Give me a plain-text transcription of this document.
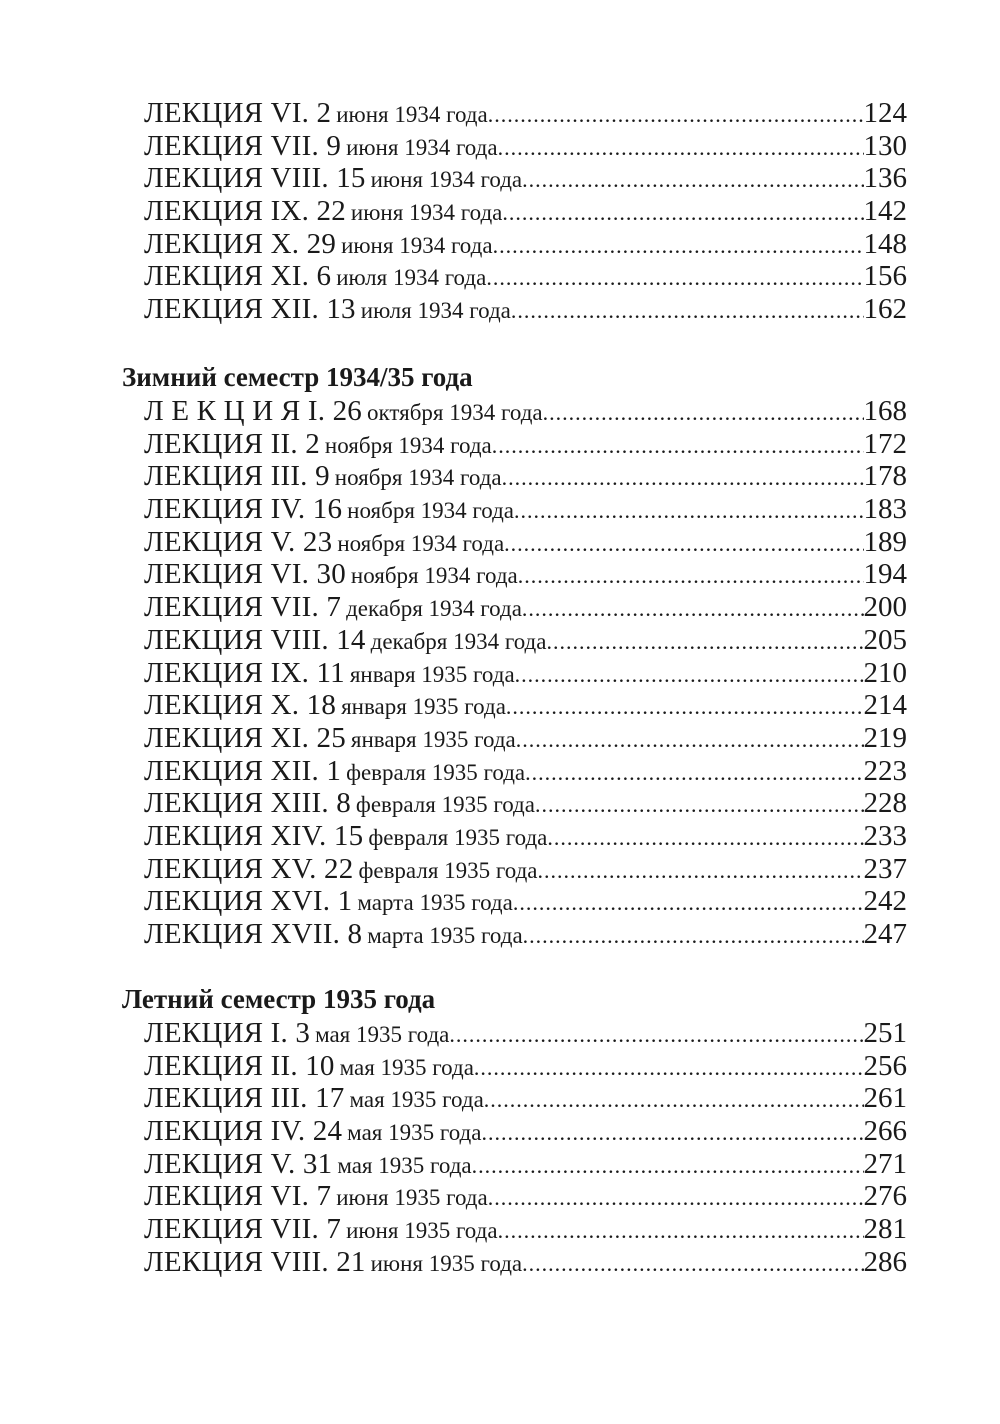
ЛЕКЦИЯ VI. 2 июня 1934 года .....	124
ЛЕКЦИЯ VII. 9 июня 1934 года .....	130
ЛЕКЦИЯ VIII. 15 июня 1934 года .....	136
ЛЕКЦИЯ IX. 22 июня 1934 года .....	142
ЛЕКЦИЯ X. 29 июня 1934 года .....	148
ЛЕКЦИЯ XI. 6 июля 1934 года .....	156
ЛЕКЦИЯ XII. 13 июля 1934 года .....	162
Зимний семестр 1934/35 года
Л Е К Ц И Я I. 26 октября 1934 года .....	168
ЛЕКЦИЯ II. 2 ноября 1934 года .....	172
ЛЕКЦИЯ III. 9 ноября 1934 года .....	178
ЛЕКЦИЯ IV. 16 ноября 1934 года .....	183
ЛЕКЦИЯ V. 23 ноября 1934 года .....	189
ЛЕКЦИЯ VI. 30 ноября 1934 года .....	194
ЛЕКЦИЯ VII. 7 декабря 1934 года .....	200
ЛЕКЦИЯ VIII. 14 декабря 1934 года .....	205
ЛЕКЦИЯ IX. 11 января 1935 года .....	210
ЛЕКЦИЯ X. 18 января 1935 года .....	214
ЛЕКЦИЯ XI. 25 января 1935 года .....	219
ЛЕКЦИЯ XII. 1 февраля 1935 года .....	223
ЛЕКЦИЯ XIII. 8 февраля 1935 года .....	228
ЛЕКЦИЯ XIV. 15 февраля 1935 года .....	233
ЛЕКЦИЯ XV. 22 февраля 1935 года .....	237
ЛЕКЦИЯ XVI. 1 марта 1935 года .....	242
ЛЕКЦИЯ XVII. 8 марта 1935 года .....	247
Летний семестр 1935 года
ЛЕКЦИЯ I. 3 мая 1935 года .....	251
ЛЕКЦИЯ II. 10 мая 1935 года .....	256
ЛЕКЦИЯ III. 17 мая 1935 года .....	261
ЛЕКЦИЯ IV. 24 мая 1935 года .....	266
ЛЕКЦИЯ V. 31 мая 1935 года .....	271
ЛЕКЦИЯ VI. 7 июня 1935 года .....	276
ЛЕКЦИЯ VII. 7 июня 1935 года .....	281
ЛЕКЦИЯ VIII. 21 июня 1935 года .....	286
